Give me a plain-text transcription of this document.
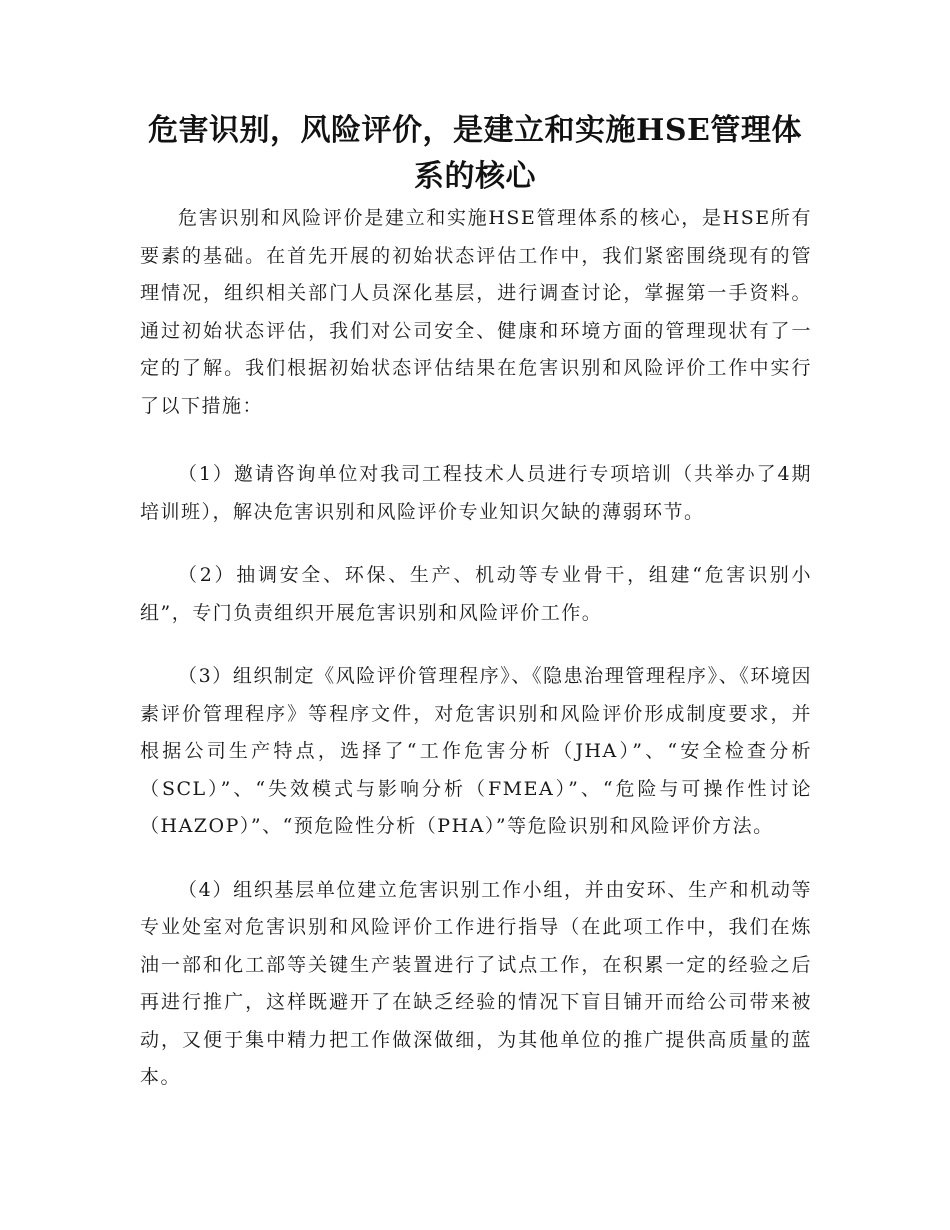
危害识别，风险评价，是建立和实施HSE管理体系的核心

危害识别和风险评价是建立和实施HSE管理体系的核心，是HSE所有要素的基础。在首先开展的初始状态评估工作中，我们紧密围绕现有的管理情况，组织相关部门人员深化基层，进行调查讨论，掌握第一手资料。通过初始状态评估，我们对公司安全、健康和环境方面的管理现状有了一定的了解。我们根据初始状态评估结果在危害识别和风险评价工作中实行了以下措施：

（1）邀请咨询单位对我司工程技术人员进行专项培训（共举办了4期培训班），解决危害识别和风险评价专业知识欠缺的薄弱环节。

（2）抽调安全、环保、生产、机动等专业骨干，组建“危害识别小组”，专门负责组织开展危害识别和风险评价工作。

（3）组织制定《风险评价管理程序》、《隐患治理管理程序》、《环境因素评价管理程序》等程序文件，对危害识别和风险评价形成制度要求，并根据公司生产特点，选择了“工作危害分析（JHA）”、“安全检查分析（SCL）”、“失效模式与影响分析（FMEA）”、“危险与可操作性讨论（HAZOP）”、“预危险性分析（PHA）”等危险识别和风险评价方法。

（4）组织基层单位建立危害识别工作小组，并由安环、生产和机动等专业处室对危害识别和风险评价工作进行指导（在此项工作中，我们在炼油一部和化工部等关键生产装置进行了试点工作，在积累一定的经验之后再进行推广，这样既避开了在缺乏经验的情况下盲目铺开而给公司带来被动，又便于集中精力把工作做深做细，为其他单位的推广提供高质量的蓝本。
